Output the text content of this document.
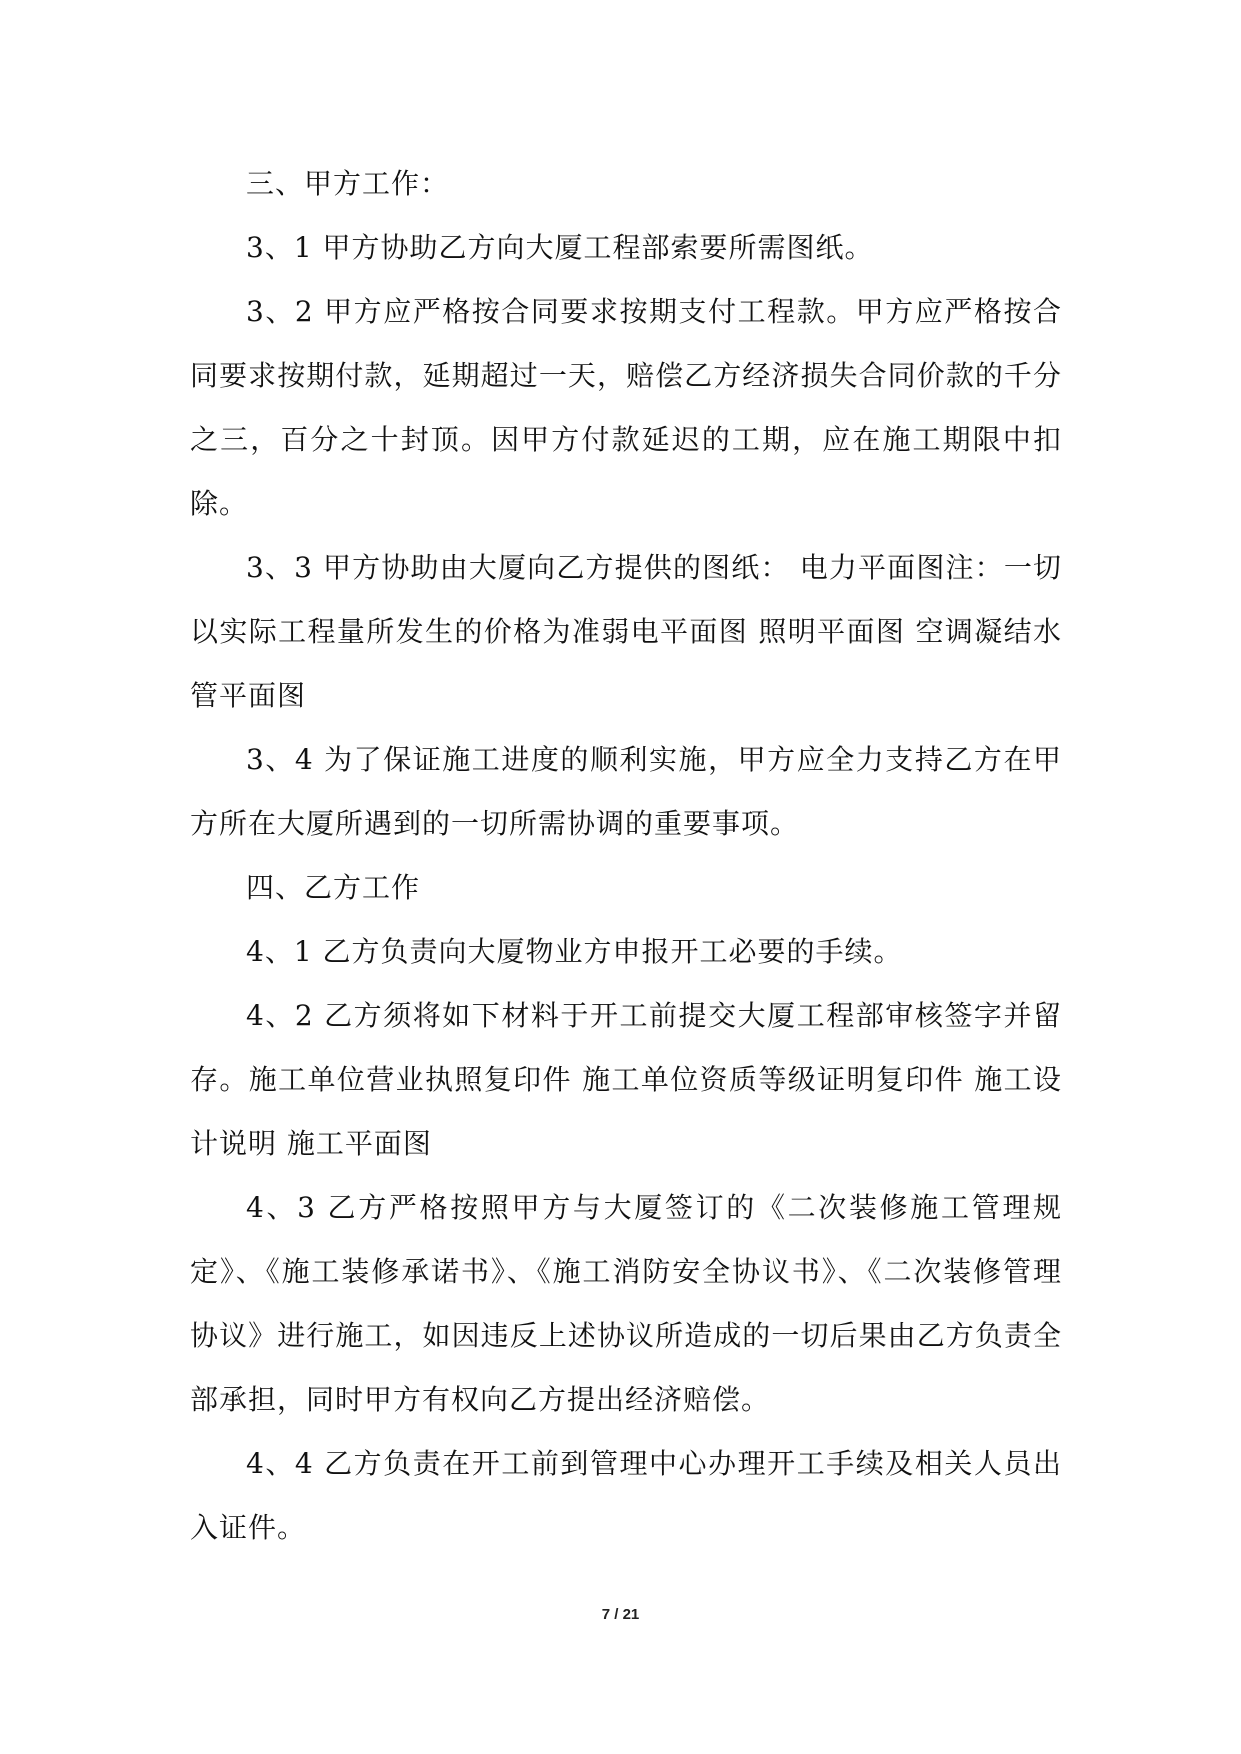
三、甲方工作：

3、1 甲方协助乙方向大厦工程部索要所需图纸。

3、2 甲方应严格按合同要求按期支付工程款。甲方应严格按合同要求按期付款，延期超过一天，赔偿乙方经济损失合同价款的千分之三，百分之十封顶。因甲方付款延迟的工期，应在施工期限中扣除。

3、3 甲方协助由大厦向乙方提供的图纸： 电力平面图注：一切以实际工程量所发生的价格为准弱电平面图 照明平面图 空调凝结水管平面图

3、4 为了保证施工进度的顺利实施，甲方应全力支持乙方在甲方所在大厦所遇到的一切所需协调的重要事项。

四、乙方工作

4、1 乙方负责向大厦物业方申报开工必要的手续。

4、2 乙方须将如下材料于开工前提交大厦工程部审核签字并留存。施工单位营业执照复印件 施工单位资质等级证明复印件 施工设计说明 施工平面图

4、3 乙方严格按照甲方与大厦签订的《二次装修施工管理规定》、《施工装修承诺书》、《施工消防安全协议书》、《二次装修管理协议》进行施工，如因违反上述协议所造成的一切后果由乙方负责全部承担，同时甲方有权向乙方提出经济赔偿。

4、4 乙方负责在开工前到管理中心办理开工手续及相关人员出入证件。

7 / 21
